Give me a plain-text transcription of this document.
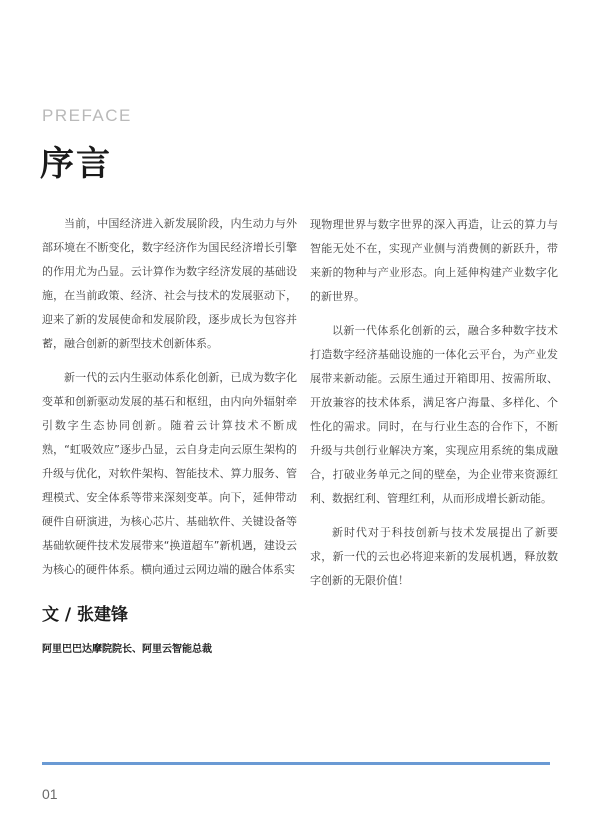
PREFACE
序言

当前，中国经济进入新发展阶段，内生动力与外部环境在不断变化，数字经济作为国民经济增长引擎的作用尤为凸显。云计算作为数字经济发展的基础设施，在当前政策、经济、社会与技术的发展驱动下，迎来了新的发展使命和发展阶段，逐步成长为包容并蓄，融合创新的新型技术创新体系。

新一代的云内生驱动体系化创新，已成为数字化变革和创新驱动发展的基石和枢纽，由内向外辐射牵引数字生态协同创新。随着云计算技术不断成熟，“虹吸效应”逐步凸显，云自身走向云原生架构的升级与优化，对软件架构、智能技术、算力服务、管理模式、安全体系等带来深刻变革。向下，延伸带动硬件自研演进，为核心芯片、基础软件、关键设备等基础软硬件技术发展带来“换道超车”新机遇，建设云为核心的硬件体系。横向通过云网边端的融合体系实

现物理世界与数字世界的深入再造，让云的算力与智能无处不在，实现产业侧与消费侧的新跃升，带来新的物种与产业形态。向上延伸构建产业数字化的新世界。

以新一代体系化创新的云，融合多种数字技术打造数字经济基础设施的一体化云平台，为产业发展带来新动能。云原生通过开箱即用、按需所取、开放兼容的技术体系，满足客户海量、多样化、个性化的需求。同时，在与行业生态的合作下，不断升级与共创行业解决方案，实现应用系统的集成融合，打破业务单元之间的壁垒，为企业带来资源红利、数据红利、管理红利，从而形成增长新动能。

新时代对于科技创新与技术发展提出了新要求，新一代的云也必将迎来新的发展机遇，释放数字创新的无限价值！

文 / 张建锋
阿里巴巴达摩院院长、阿里云智能总裁
01
